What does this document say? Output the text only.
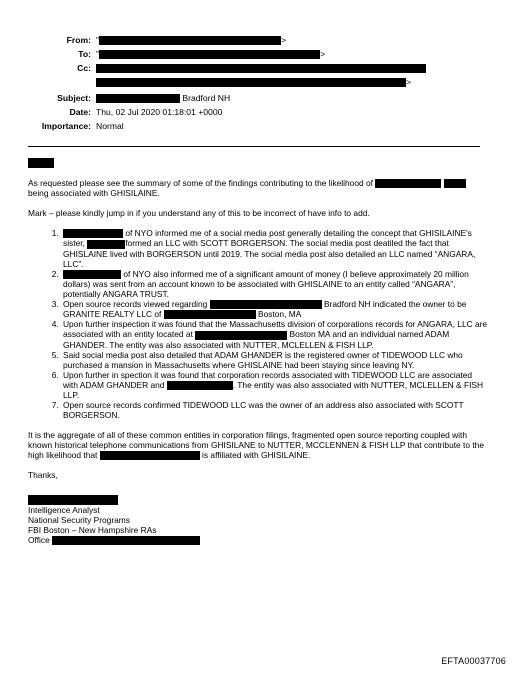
From: "	>
To: "	>
Cc:
>
Subject:	Bradford NH
Date: Thu, 02 Jul 2020 01:18:01 +0000
Importance: Normal

As requested please see the summary of some of the findings contributing to the likelihood of   being associated with GHISILAINE.

Mark – please kindly jump in if you understand any of this to be incorrect of have info to add.

1. of NYO informed me of a social media post generally detailing the concept that GHISILAINE's sister,	formed an LLC with SCOTT BORGERSON. The social media post deatiled the fact that GHISLAINE lived with BORGERSON until 2019. The social media post also detailed an LLC named “ANGARA, LLC”.
2. of NYO also informed me of a significant amount of money (I believe approximately 20 million dollars) was sent from an account known to be associated with GHISLAINE to an entity called “ANGARA”, potentially ANGARA TRUST.
3. Open source records viewed regarding	Bradford NH indicated the owner to be GRANITE REALTY LLC of	Boston, MA
4. Upon further inspection it was found that the Massachusetts division of corporations records for ANGARA, LLC are associated with an entity located at	Boston MA and an individual named ADAM GHANDER. The entity was also associated with NUTTER, MCLELLEN & FISH LLP.
5. Said social media post also detailed that ADAM GHANDER is the registered owner of TIDEWOOD LLC who purchased a mansion in Massachusetts where GHISLAINE had been staying since leaving NY.
6. Upon further in spection it was found that corporation records associated with TIDEWOOD LLC are associated with ADAM GHANDER and	. The entity was also associated with NUTTER, MCLELLEN & FISH LLP.
7. Open source records confirmed TIDEWOOD LLC was the owner of an address also associated with SCOTT BORGERSON.

It is the aggregate of all of these common entities in corporation filings, fragmented open source reporting coupled with known historical telephone communications from GHISILANE to NUTTER, MCCLENNEN & FISH LLP that contribute to the high likelihood that	is affiliated with GHISILAINE.

Thanks,

Intelligence Analyst
National Security Programs
FBI Boston – New Hampshire RAs
Office
EFTA00037706
